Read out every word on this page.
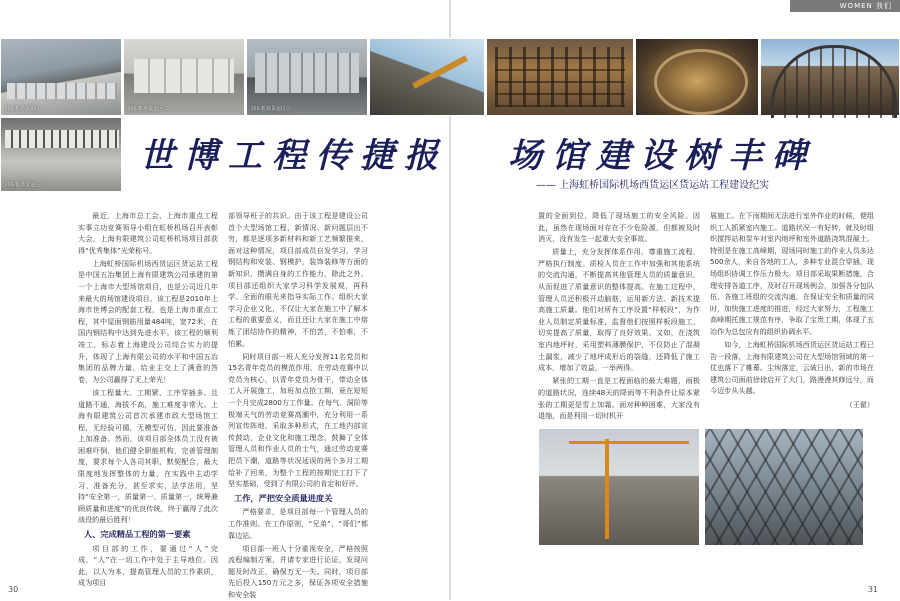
WOMEN 我们
浦东机场货运区一	浦东机场货运区二	浦东机场货运区三
浦东机场货运区
世博工程传捷报 场馆建设树丰碑
—— 上海虹桥国际机场西货运区货运站工程建设纪实

最近，上海市总工会、上海市重点工程实事立功竞赛领导小组在虹桥机场召开表彰大会，上海有限建筑公司虹桥机场项目部获得“优秀集体”光荣称号。

上海虹桥国际机场西货运区货运站工程是中国五冶集团上海有限建筑公司承建的第一个上海市大型场馆项目，也是公司近几年来最大的场馆建设项目。该工程是2010年上海市世博会的配套工程，也是上海市重点工程，其中屋面钢筋用量484吨，宽72米，在国内钢结构中达到先进水平。该工程的顺利竣工，标志着上海建设公司综合实力的提升，体现了上海有限公司的水平和中国五冶集团的品牌力量，给业主交上了满意的答卷，为公司赢得了无上荣光！

该工程量大、工期紧、工序穿插多、且道路不通，海拔不高，施工难度非常大。上海有限建筑公司首次承建市政大型场馆工程，无经验可循，无模型可仿，因此要准备上加准备。然而，该项目部全体员工没有被困难吓倒，他们健全职能机构，完善管理制度，要求每个人各司其职，默契配合，最大限度地发挥整体的力量，在实践中主动学习，准备充分，甚至求实，法学法用，坚持“安全第一，质量第一、质量第一，统筹兼顾质量和进度”的优良传统，终于赢得了此次战役的最后胜利！

人、完成精品工程的第一要素

项目部的工作，要通过“人”完成，“人”在一切工作中处于主导地位。因此，以人为本，提高管理人员的工作素质，成为项目

部领导班子的共识。由于该工程是建设公司首个大型场馆工程，新情况、新问题层出不穷，都是逐项多新材料和新工艺频繁推来，面对这种情况，项目部成员自发学习，学习钢结构和安装、钢模护，装饰装修等方面的新知识，攒满自身的工作能力，除此之外，项目部还组织大家学习科学发展观，再科学、全面的眼光来指导实际工作。组织大家学习企业文化，不仅让大家在施工中了解本工程的重要意义，而且还让大家在施工中熔炼了团结协作的精神，不怕苦，不怕难，不怕累。

同时项目部一班人充分发挥11名党员和15名青年党员的模范作用，在劳动竞赛中以党员为核心，以青年党员为骨干，带动全体工人开展施工，加班加点抢工期，竟在短短一个月完成2800方工作量。在每气、洞阶等极端天气的劳动竞赛高潮中，充分利用一系列宣传阵地，采取多种形式，在工地内部宣传鼓动，企业文化和施工理念，鼓舞了全体管理人员和作业人员的士气，通过劳动竞赛把员下潮，道路等状况延误的两个多月工期给补了回来，为整个工程的按期完工打下了坚实基础，受到了有限公司的肯定和好评。

工作，严把安全质量进度关

严格要求，是项目部每一个管理人员的工作准则。在工作原则，“兄弟”，“哥们”都靠边站。

项目部一班人十分重视安全，严格按照流程编制方案，并请专家进行论证，发现问题及时改正，确保万无一失。同时，项目部先后投入150万元之多，保证各项安全措施和安全装

置的全面到位，降低了现场施工的安全风险。因此，虽然在现场面对存在不少危险源，但都被及时消灭，没有发生一起重大安全事故。

质量上，充分发挥体系作用，尊重施工流程，严格执行制度。质检人员在工作中加强和其他系统的交流沟通，不断提高其他管理人员的质量意识，从而促进了质量意识的整体提高。在施工过程中，管理人员还积极开动脑筋，运用新方法、新技术提高施工质量。他们对所有工序设置“样板段”，为作业人员制定质量标准，监督他们按照样板段施工，切实提高了质量，取得了良好效果。又如，在浇筑室内地坪时，采用塑料薄膜保护，不仅防止了混凝土漏浆，减少了地坪成形后的裂缝，还降低了施工成本，增加了效益，一举两得。

紧张的工期一直是工程面临的最大难题，雨极的道路状况，连续48天的降雨等不利条件让原本紧张的工期更是雪上加霜。面对种种困难，大家没有退缩，而是利用一切时机开

展施工。在下雨期间无法进行室外作业的时候，便组织工人抓紧室内施工。道路状况一有好转，就及时组织搅拌站和泵车对室内地坪和室外道路浇筑混凝土。特别是在施工高峰期，现场同时施工的作业人员多达500余人，来自各地的工人，多种专业混合穿插，现场组织协调工作压力极大。项目部采取果断措施，合理安排各道工序，及时召开现场例会，加强各分包队伍、各施工班组的交流沟通，在保证安全和质量的同时，加快施工进度的推进，经过大家努力，工程施工高峰期托施工规范有序，争取了宝贵工期，体现了五冶作为总包应有的组织协调水平。

如今，上海虹桥国际机场西货运区货运站工程已告一段落，上海有限建筑公司在大型场馆领域的第一仗也落下了帷幕。尘埃落定，云破日出，新的市场在建筑公司面前徐徐启开了大门，路漫漫其修远兮，而今迈步从头越。

（王翟）

30	31
